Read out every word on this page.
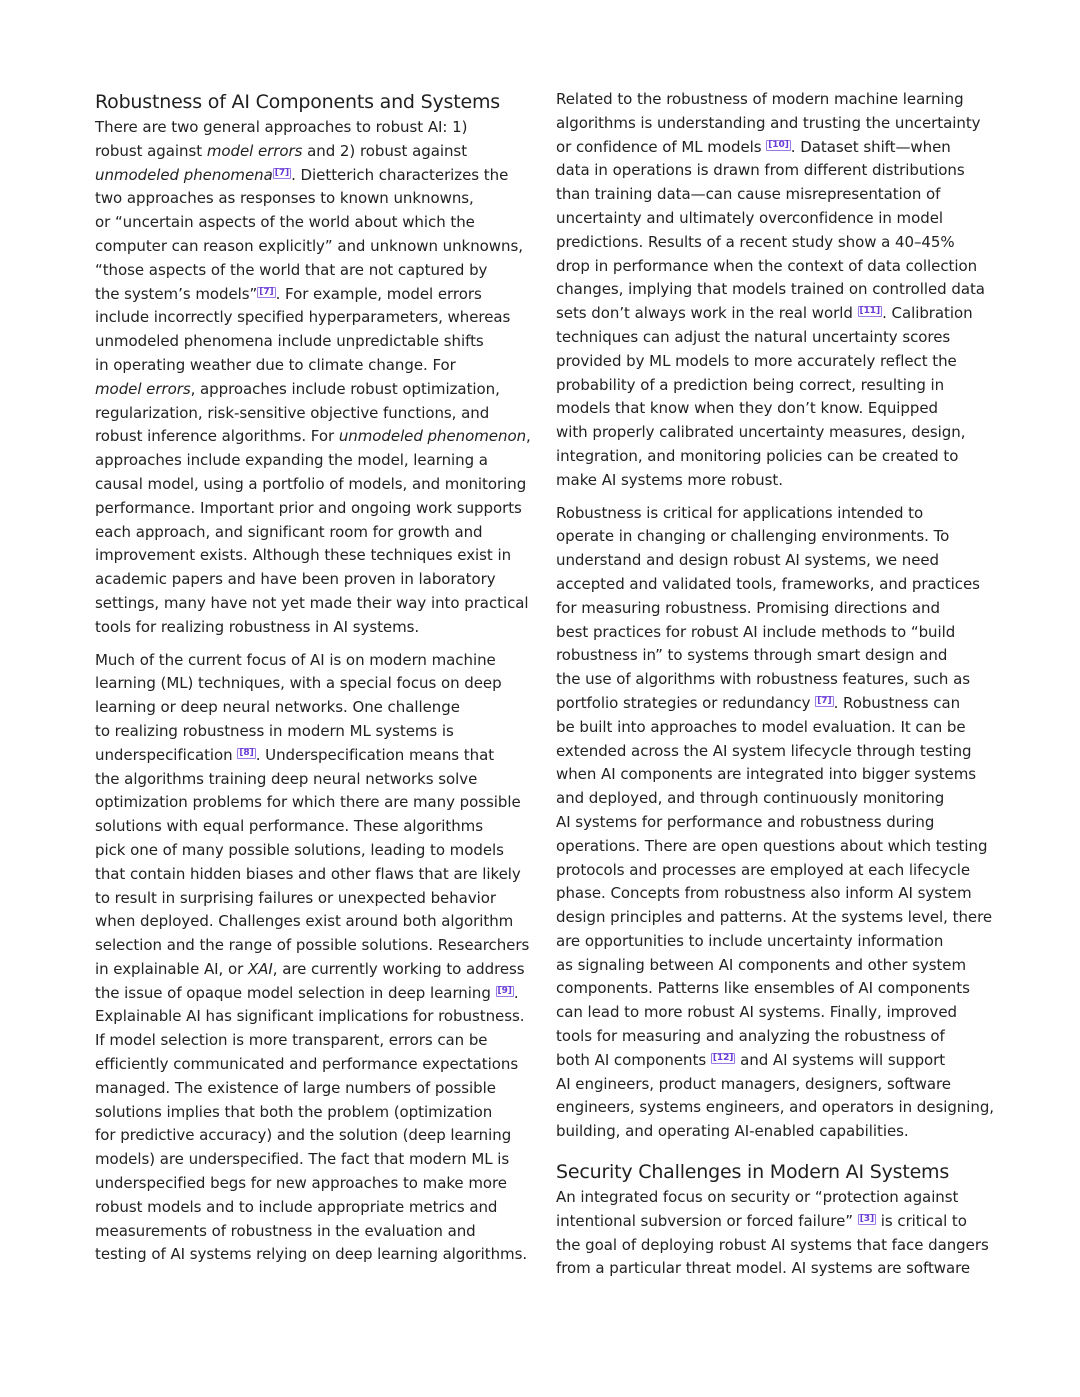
Robustness of AI Components and Systems
There are two general approaches to robust AI: 1)
robust against model errors and 2) robust against
unmodeled phenomena [7] . Dietterich characterizes the
two approaches as responses to known unknowns,
or “uncertain aspects of the world about which the
computer can reason explicitly” and unknown unknowns,
“those aspects of the world that are not captured by
the system’s models” [7] . For example, model errors
include incorrectly specified hyperparameters, whereas
unmodeled phenomena include unpredictable shifts
in operating weather due to climate change. For
model errors, approaches include robust optimization,
regularization, risk-sensitive objective functions, and
robust inference algorithms. For unmodeled phenomenon,
approaches include expanding the model, learning a
causal model, using a portfolio of models, and monitoring
performance. Important prior and ongoing work supports
each approach, and significant room for growth and
improvement exists. Although these techniques exist in
academic papers and have been proven in laboratory
settings, many have not yet made their way into practical
tools for realizing robustness in AI systems.
Much of the current focus of AI is on modern machine
learning (ML) techniques, with a special focus on deep
learning or deep neural networks. One challenge
to realizing robustness in modern ML systems is
underspecification [8] . Underspecification means that
the algorithms training deep neural networks solve
optimization problems for which there are many possible
solutions with equal performance. These algorithms
pick one of many possible solutions, leading to models
that contain hidden biases and other flaws that are likely
to result in surprising failures or unexpected behavior
when deployed. Challenges exist around both algorithm
selection and the range of possible solutions. Researchers
in explainable AI, or XAI, are currently working to address
the issue of opaque model selection in deep learning [9] .
Explainable AI has significant implications for robustness.
If model selection is more transparent, errors can be
efficiently communicated and performance expectations
managed. The existence of large numbers of possible
solutions implies that both the problem (optimization
for predictive accuracy) and the solution (deep learning
models) are underspecified. The fact that modern ML is
underspecified begs for new approaches to make more
robust models and to include appropriate metrics and
measurements of robustness in the evaluation and
testing of AI systems relying on deep learning algorithms.
Related to the robustness of modern machine learning
algorithms is understanding and trusting the uncertainty
or confidence of ML models [10] . Dataset shift—when
data in operations is drawn from different distributions
than training data—can cause misrepresentation of
uncertainty and ultimately overconfidence in model
predictions. Results of a recent study show a 40–45%
drop in performance when the context of data collection
changes, implying that models trained on controlled data
sets don’t always work in the real world [11] . Calibration
techniques can adjust the natural uncertainty scores
provided by ML models to more accurately reflect the
probability of a prediction being correct, resulting in
models that know when they don’t know. Equipped
with properly calibrated uncertainty measures, design,
integration, and monitoring policies can be created to
make AI systems more robust.
Robustness is critical for applications intended to
operate in changing or challenging environments. To
understand and design robust AI systems, we need
accepted and validated tools, frameworks, and practices
for measuring robustness. Promising directions and
best practices for robust AI include methods to “build
robustness in” to systems through smart design and
the use of algorithms with robustness features, such as
portfolio strategies or redundancy [7] . Robustness can
be built into approaches to model evaluation. It can be
extended across the AI system lifecycle through testing
when AI components are integrated into bigger systems
and deployed, and through continuously monitoring
AI systems for performance and robustness during
operations. There are open questions about which testing
protocols and processes are employed at each lifecycle
phase. Concepts from robustness also inform AI system
design principles and patterns. At the systems level, there
are opportunities to include uncertainty information
as signaling between AI components and other system
components. Patterns like ensembles of AI components
can lead to more robust AI systems. Finally, improved
tools for measuring and analyzing the robustness of
both AI components [12] and AI systems will support
AI engineers, product managers, designers, software
engineers, systems engineers, and operators in designing,
building, and operating AI-enabled capabilities.
Security Challenges in Modern AI Systems
An integrated focus on security or “protection against
intentional subversion or forced failure” [3] is critical to
the goal of deploying robust AI systems that face dangers
from a particular threat model. AI systems are software
